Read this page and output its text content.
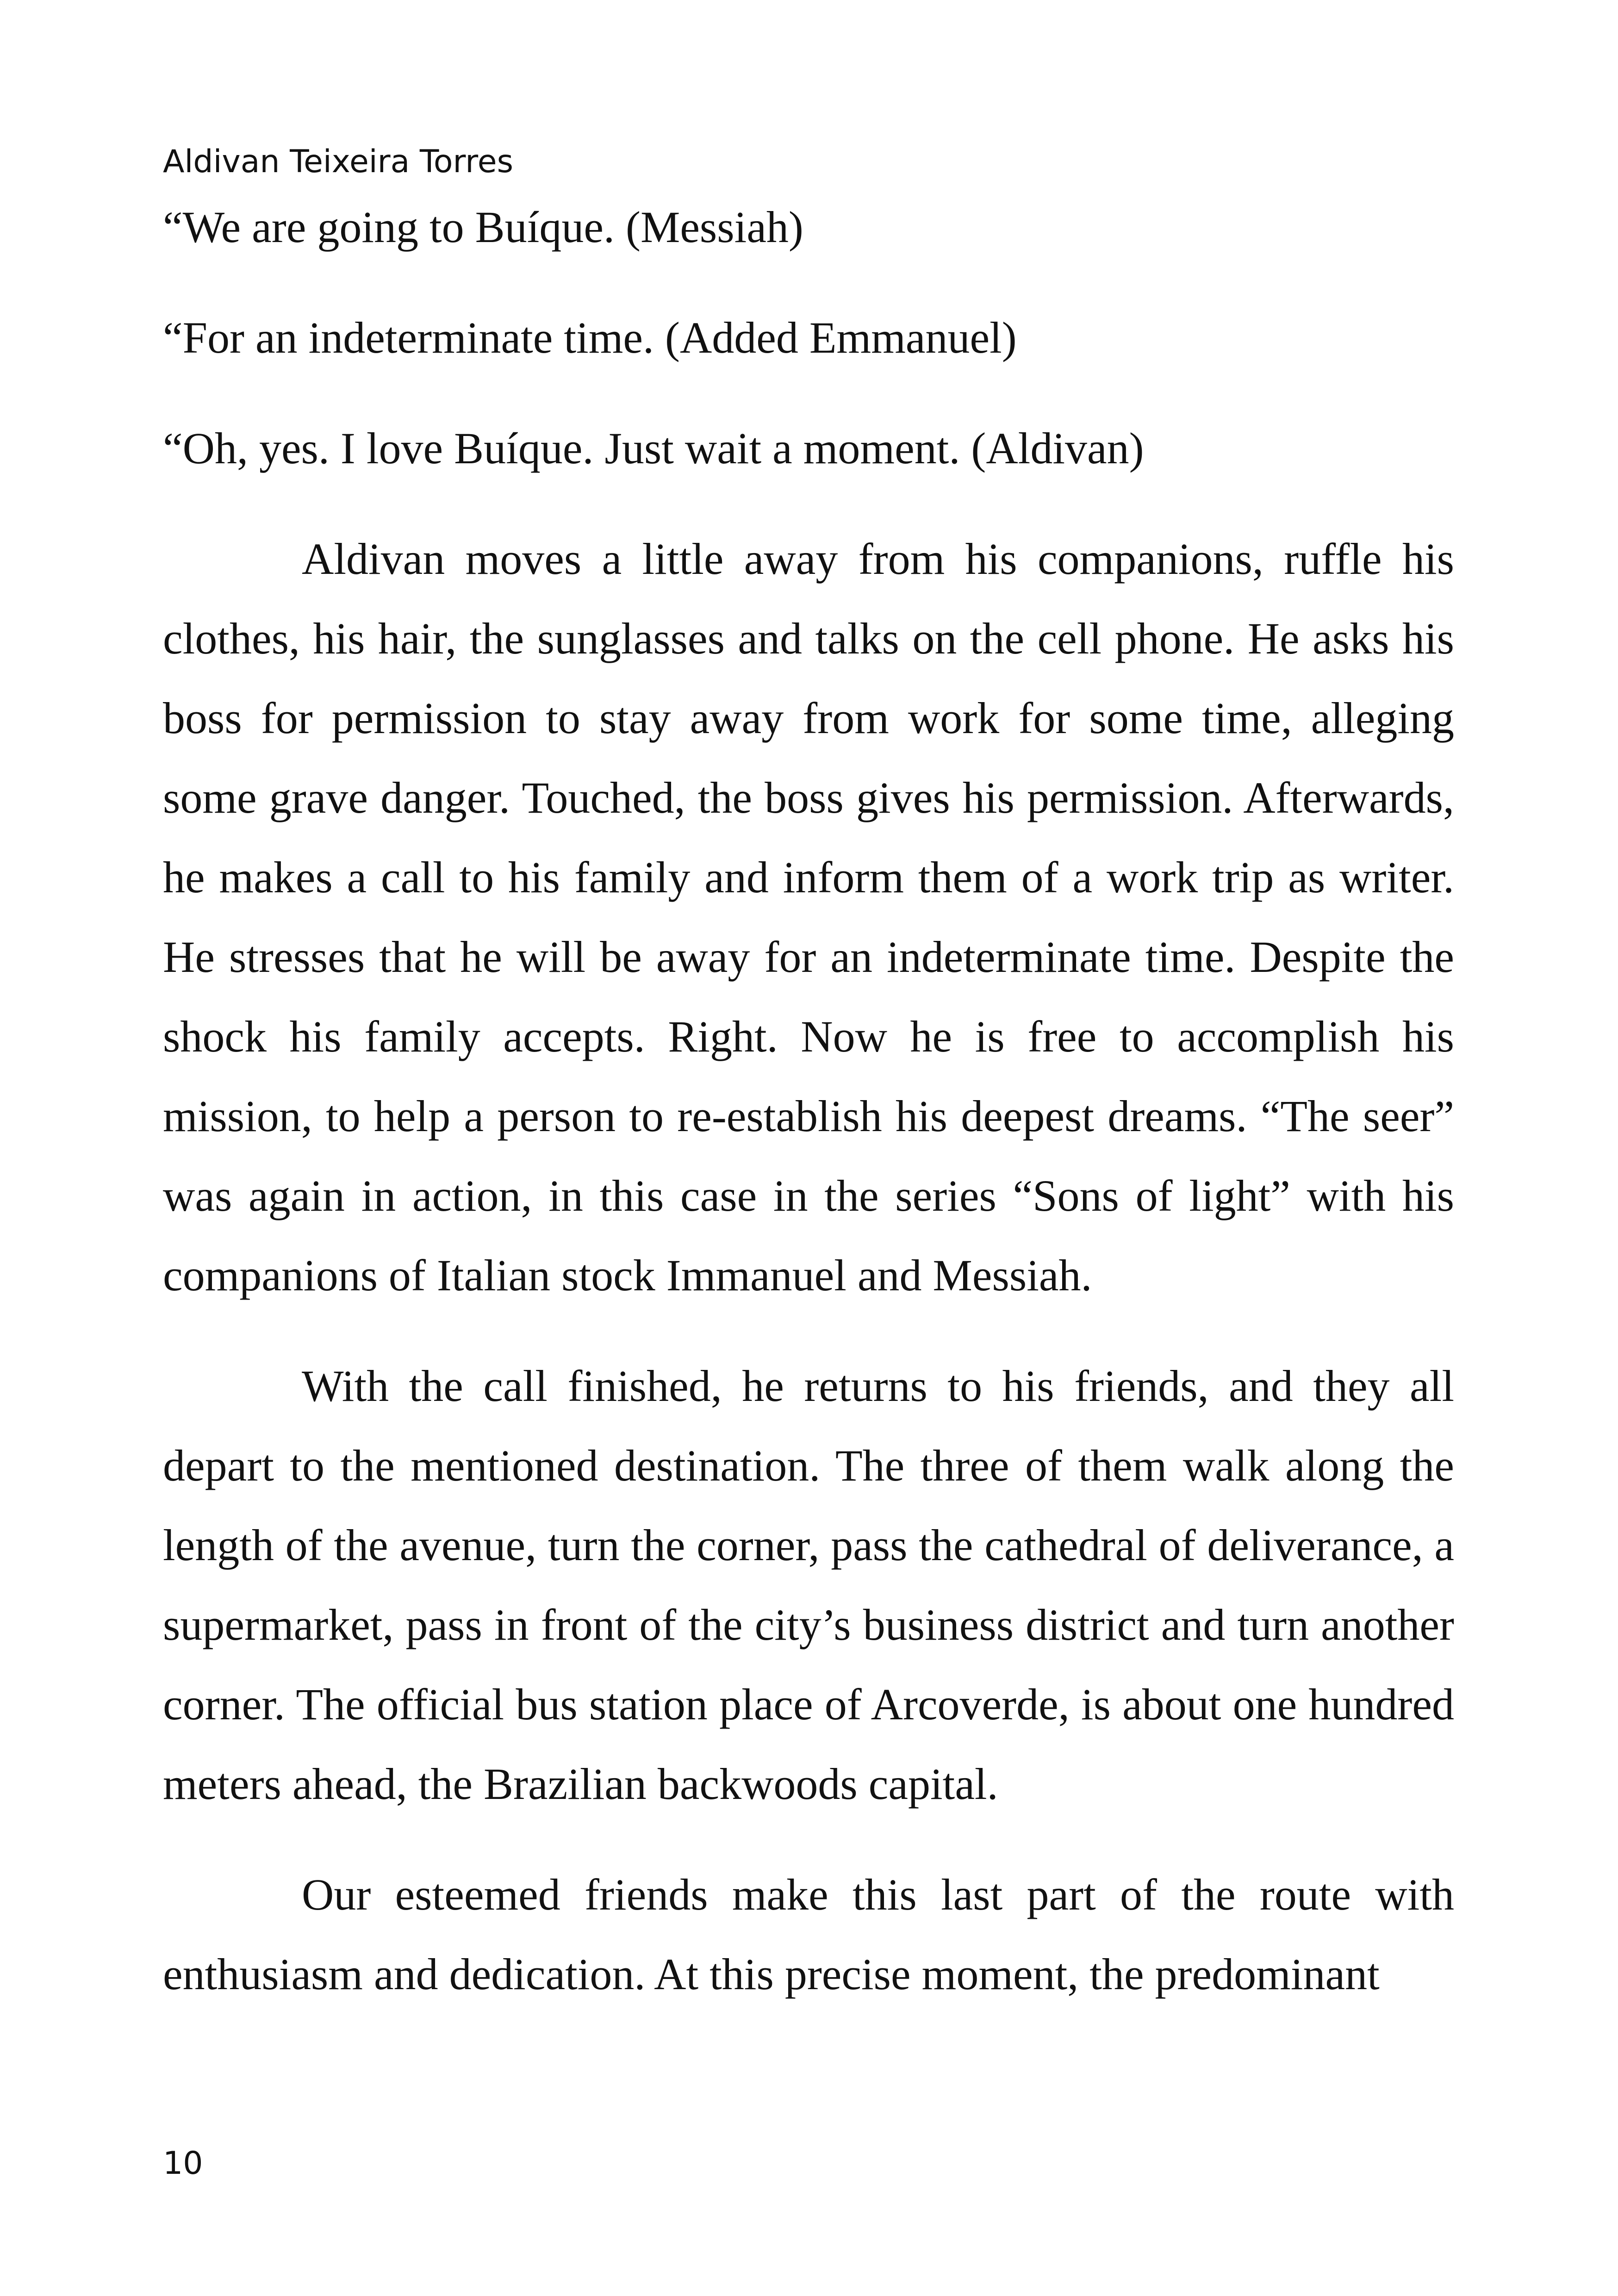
Aldivan Teixeira Torres

“We are going to Buíque. (Messiah)

“For an indeterminate time. (Added Emmanuel)

“Oh, yes. I love Buíque. Just wait a moment. (Aldivan)

Aldivan moves a little away from his companions, ruffle his clothes, his hair, the sunglasses and talks on the cell phone. He asks his boss for permission to stay away from work for some time, alleging some grave danger. Touched, the boss gives his permission. Afterwards, he makes a call to his family and inform them of a work trip as writer. He stresses that he will be away for an indeterminate time. Despite the shock his family accepts. Right. Now he is free to accomplish his mission, to help a person to re-establish his deepest dreams. “The seer” was again in action, in this case in the series “Sons of light” with his companions of Italian stock Immanuel and Messiah.

With the call finished, he returns to his friends, and they all depart to the mentioned destination. The three of them walk along the length of the avenue, turn the corner, pass the cathedral of deliverance, a supermarket, pass in front of the city’s business district and turn another corner. The official bus station place of Arcoverde, is about one hundred meters ahead, the Brazilian backwoods capital.

Our esteemed friends make this last part of the route with enthusiasm and dedication. At this precise moment, the predominant

10
